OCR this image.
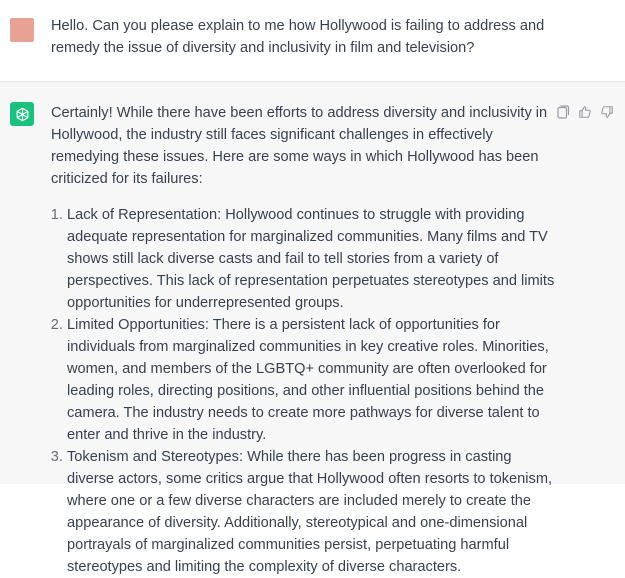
Hello. Can you please explain to me how Hollywood is failing to address and remedy the issue of diversity and inclusivity in film and television?

Certainly! While there have been efforts to address diversity and inclusivity in Hollywood, the industry still faces significant challenges in effectively remedying these issues. Here are some ways in which Hollywood has been criticized for its failures:

1. Lack of Representation: Hollywood continues to struggle with providing adequate representation for marginalized communities. Many films and TV shows still lack diverse casts and fail to tell stories from a variety of perspectives. This lack of representation perpetuates stereotypes and limits opportunities for underrepresented groups.
2. Limited Opportunities: There is a persistent lack of opportunities for individuals from marginalized communities in key creative roles. Minorities, women, and members of the LGBTQ+ community are often overlooked for leading roles, directing positions, and other influential positions behind the camera. The industry needs to create more pathways for diverse talent to enter and thrive in the industry.
3. Tokenism and Stereotypes: While there has been progress in casting diverse actors, some critics argue that Hollywood often resorts to tokenism, where one or a few diverse characters are included merely to create the appearance of diversity. Additionally, stereotypical and one-dimensional portrayals of marginalized communities persist, perpetuating harmful stereotypes and limiting the complexity of diverse characters.
